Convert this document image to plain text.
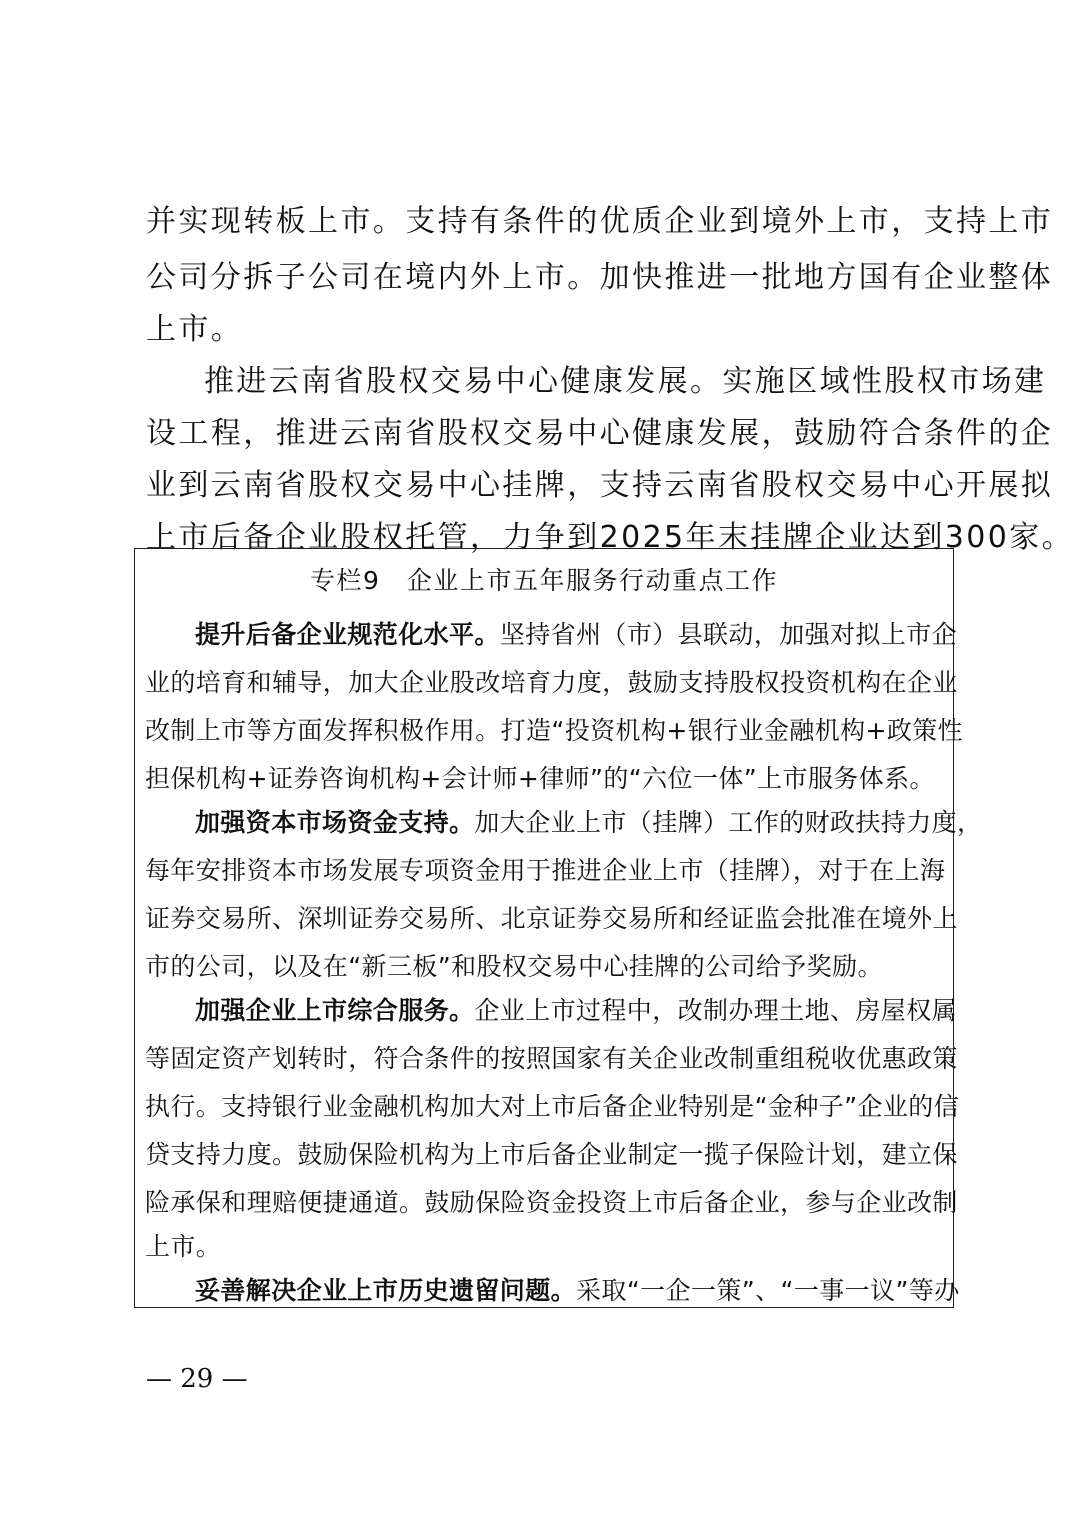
并实现转板上市。支持有条件的优质企业到境外上市，支持上市
公司分拆子公司在境内外上市。加快推进一批地方国有企业整体
上市。
推进云南省股权交易中心健康发展。实施区域性股权市场建
设工程，推进云南省股权交易中心健康发展，鼓励符合条件的企
业到云南省股权交易中心挂牌，支持云南省股权交易中心开展拟
上市后备企业股权托管，力争到2025年末挂牌企业达到300家。
专栏9　企业上市五年服务行动重点工作
提升后备企业规范化水平。坚持省州（市）县联动，加强对拟上市企
业的培育和辅导，加大企业股改培育力度，鼓励支持股权投资机构在企业
改制上市等方面发挥积极作用。打造“投资机构+银行业金融机构+政策性
担保机构+证券咨询机构+会计师+律师”的“六位一体”上市服务体系。
加强资本市场资金支持。加大企业上市（挂牌）工作的财政扶持力度，
每年安排资本市场发展专项资金用于推进企业上市（挂牌），对于在上海
证券交易所、深圳证券交易所、北京证券交易所和经证监会批准在境外上
市的公司，以及在“新三板”和股权交易中心挂牌的公司给予奖励。
加强企业上市综合服务。企业上市过程中，改制办理土地、房屋权属
等固定资产划转时，符合条件的按照国家有关企业改制重组税收优惠政策
执行。支持银行业金融机构加大对上市后备企业特别是“金种子”企业的信
贷支持力度。鼓励保险机构为上市后备企业制定一揽子保险计划，建立保
险承保和理赔便捷通道。鼓励保险资金投资上市后备企业，参与企业改制
上市。
妥善解决企业上市历史遗留问题。采取“一企一策”、“一事一议”等办
— 29 —
